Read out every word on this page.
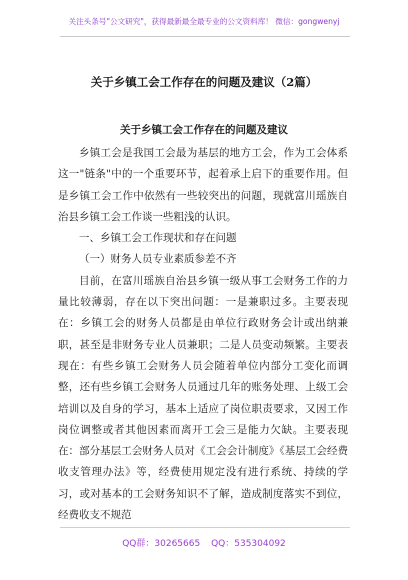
关注头条号"公文研究"，获得最新最全最专业的公文资料库！ 微信：gongwenyj
关于乡镇工会工作存在的问题及建议（2篇）
关于乡镇工会工作存在的问题及建议

乡镇工会是我国工会最为基层的地方工会，作为工会体系这一"链条"中的一个重要环节，起着承上启下的重要作用。但是乡镇工会工作中依然有一些较突出的问题，现就富川瑶族自治县乡镇工会工作谈一些粗浅的认识。

一、乡镇工会工作现状和存在问题

（一）财务人员专业素质参差不齐

目前，在富川瑶族自治县乡镇一级从事工会财务工作的力量比较薄弱，存在以下突出问题：一是兼职过多。主要表现在：乡镇工会的财务人员都是由单位行政财务会计或出纳兼职，甚至是非财务专业人员兼职；二是人员变动频繁。主要表现在：有些乡镇工会财务人员会随着单位内部分工变化而调整，还有些乡镇工会财务人员通过几年的账务处理、上级工会培训以及自身的学习，基本上适应了岗位职责要求，又因工作岗位调整或者其他因素而离开工会三是能力欠缺。主要表现在：部分基层工会财务人员对《工会会计制度》《基层工会经费收支管理办法》等，经费使用规定没有进行系统、持续的学习，或对基本的工会财务知识不了解，造成制度落实不到位，经费收支不规范

QQ群：30265665 QQ：535304092
